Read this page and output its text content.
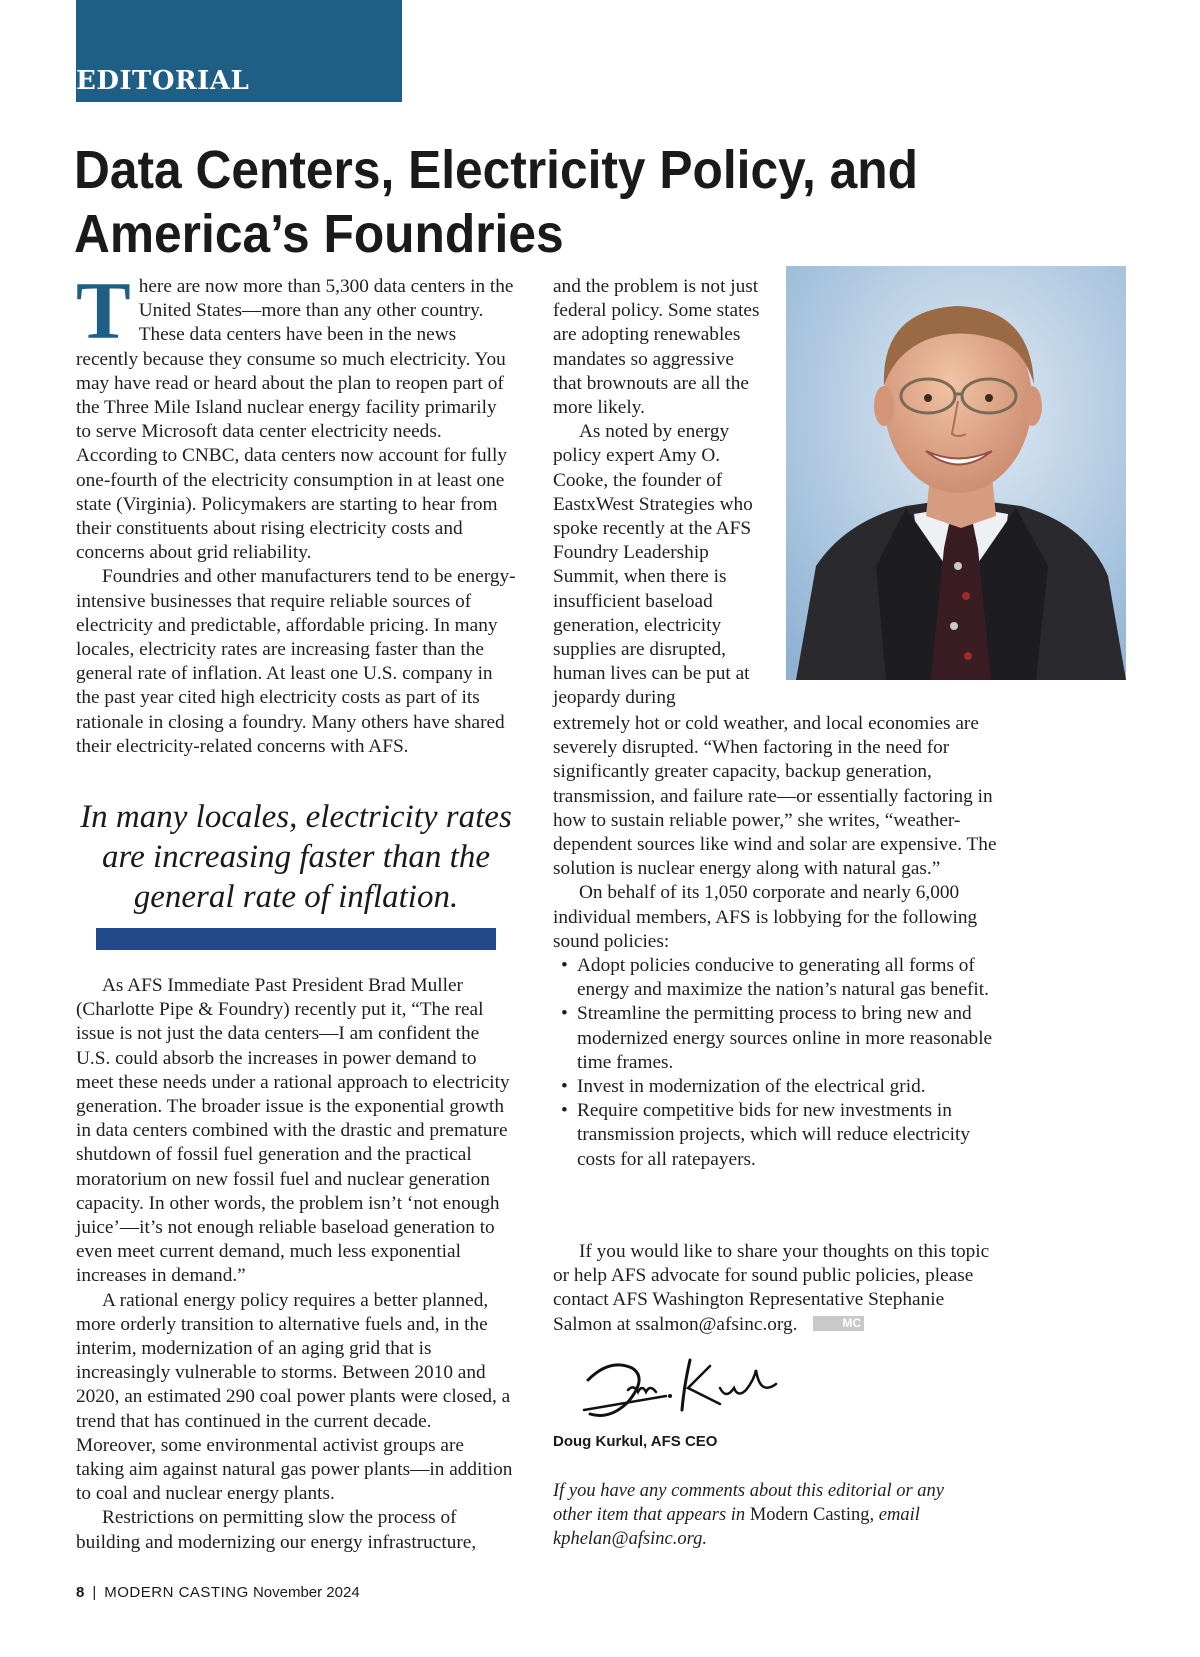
EDITORIAL
Data Centers, Electricity Policy, and America’s Foundries

There are now more than 5,300 data centers in the United States—more than any other country. These data centers have been in the news recently because they consume so much electricity. You may have read or heard about the plan to reopen part of the Three Mile Island nuclear energy facility primarily to serve Microsoft data center electricity needs. According to CNBC, data centers now account for fully one-fourth of the electricity consumption in at least one state (Virginia). Policymakers are starting to hear from their constituents about rising electricity costs and concerns about grid reliability.

Foundries and other manufacturers tend to be energy-intensive businesses that require reliable sources of electricity and predictable, affordable pricing. In many locales, electricity rates are increasing faster than the general rate of inflation. At least one U.S. company in the past year cited high electricity costs as part of its rationale in closing a foundry. Many others have shared their electricity-related concerns with AFS.

In many locales, electricity rates are increasing faster than the general rate of inflation.

As AFS Immediate Past President Brad Muller (Charlotte Pipe & Foundry) recently put it, “The real issue is not just the data centers—I am confident the U.S. could absorb the increases in power demand to meet these needs under a rational approach to electricity generation. The broader issue is the exponential growth in data centers combined with the drastic and premature shutdown of fossil fuel generation and the practical moratorium on new fossil fuel and nuclear generation capacity. In other words, the problem isn’t ‘not enough juice’—it’s not enough reliable baseload generation to even meet current demand, much less exponential increases in demand.”

A rational energy policy requires a better planned, more orderly transition to alternative fuels and, in the interim, modernization of an aging grid that is increasingly vulnerable to storms. Between 2010 and 2020, an estimated 290 coal power plants were closed, a trend that has continued in the current decade. Moreover, some environmental activist groups are taking aim against natural gas power plants—in addition to coal and nuclear energy plants.

Restrictions on permitting slow the process of building and modernizing our energy infrastructure,

and the problem is not just federal policy. Some states are adopting renewables mandates so aggressive that brownouts are all the more likely.

As noted by energy policy expert Amy O. Cooke, the founder of EastxWest Strategies who spoke recently at the AFS Foundry Leadership Summit, when there is insufficient baseload generation, electricity supplies are disrupted, human lives can be put at jeopardy during

extremely hot or cold weather, and local economies are severely disrupted. “When factoring in the need for significantly greater capacity, backup generation, transmission, and failure rate—or essentially factoring in how to sustain reliable power,” she writes, “weather-dependent sources like wind and solar are expensive. The solution is nuclear energy along with natural gas.”

On behalf of its 1,050 corporate and nearly 6,000 individual members, AFS is lobbying for the following sound policies:

• Adopt policies conducive to generating all forms of energy and maximize the nation’s natural gas benefit.
• Streamline the permitting process to bring new and modernized energy sources online in more reasonable time frames.
• Invest in modernization of the electrical grid.
• Require competitive bids for new investments in transmission projects, which will reduce electricity costs for all ratepayers.

If you would like to share your thoughts on this topic or help AFS advocate for sound public policies, please contact AFS Washington Representative Stephanie Salmon at ssalmon@afsinc.org.	MC

Doug Kurkul, AFS CEO

If you have any comments about this editorial or any other item that appears in Modern Casting, email kphelan@afsinc.org.

8 | MODERN CASTING November 2024
